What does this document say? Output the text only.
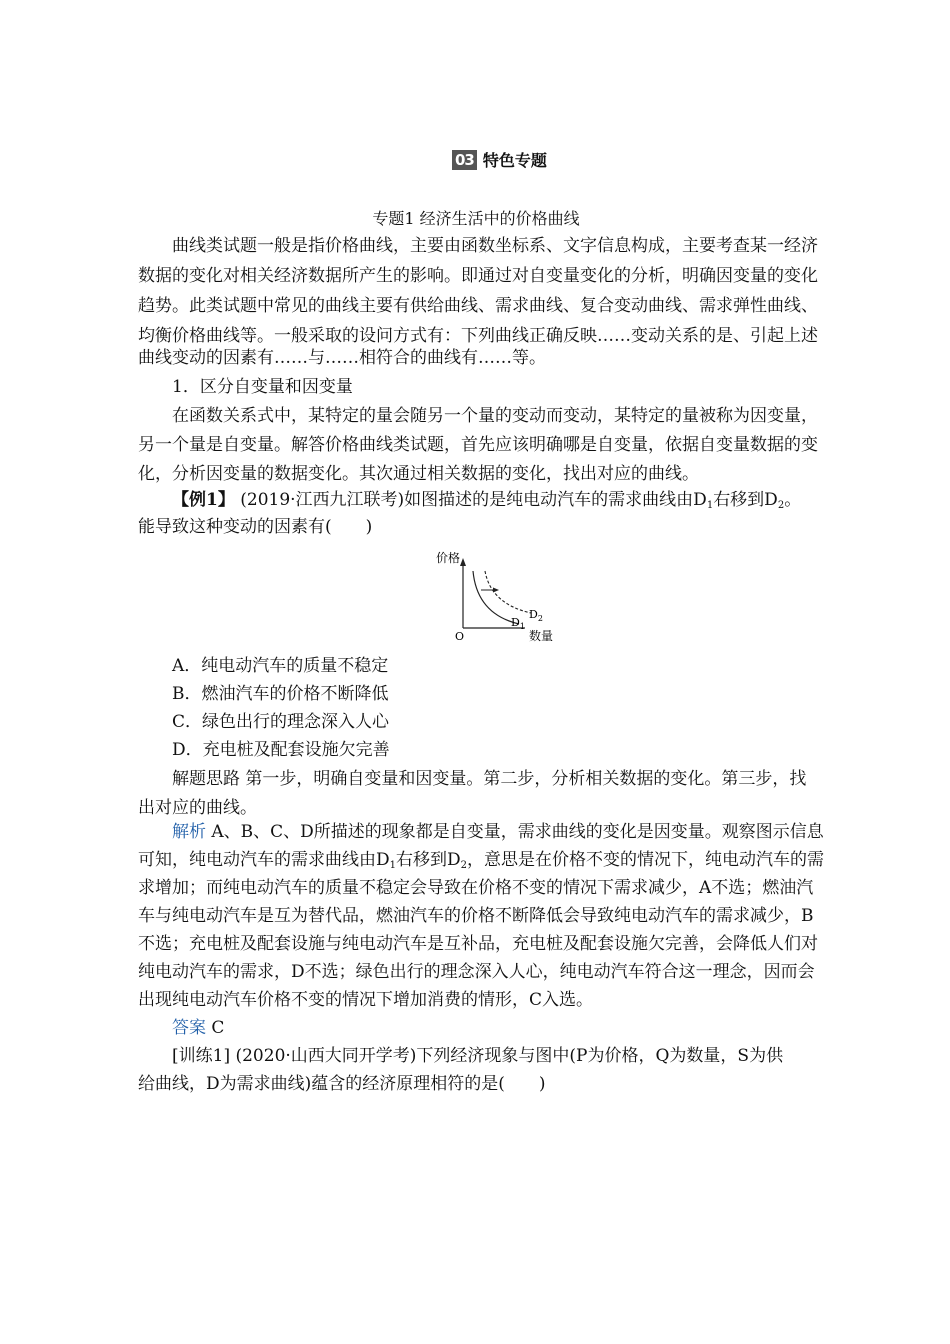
03 特色专题
专题1 经济生活中的价格曲线
曲线类试题一般是指价格曲线，主要由函数坐标系、文字信息构成，主要考查某一经济
数据的变化对相关经济数据所产生的影响。即通过对自变量变化的分析，明确因变量的变化
趋势。此类试题中常见的曲线主要有供给曲线、需求曲线、复合变动曲线、需求弹性曲线、
均衡价格曲线等。一般采取的设问方式有：下列曲线正确反映……变动关系的是、引起上述
曲线变动的因素有……与……相符合的曲线有……等。
1．区分自变量和因变量
在函数关系式中，某特定的量会随另一个量的变动而变动，某特定的量被称为因变量，
另一个量是自变量。解答价格曲线类试题，首先应该明确哪是自变量，依据自变量数据的变
化，分析因变量的数据变化。其次通过相关数据的变化，找出对应的曲线。
【例1】 (2019·江西九江联考)如图描述的是纯电动汽车的需求曲线由$D_1$右移到$D_2$。
能导致这种变动的因素有(　　)
A．纯电动汽车的质量不稳定
B．燃油汽车的价格不断降低
C．绿色出行的理念深入人心
D．充电桩及配套设施欠完善
解题思路 第一步，明确自变量和因变量。第二步，分析相关数据的变化。第三步，找
出对应的曲线。
解析 A、B、C、D所描述的现象都是自变量，需求曲线的变化是因变量。观察图示信息
可知，纯电动汽车的需求曲线由$D_1$右移到$D_2$，意思是在价格不变的情况下，纯电动汽车的需
求增加；而纯电动汽车的质量不稳定会导致在价格不变的情况下需求减少，A不选；燃油汽
车与纯电动汽车是互为替代品，燃油汽车的价格不断降低会导致纯电动汽车的需求减少，B
不选；充电桩及配套设施与纯电动汽车是互补品，充电桩及配套设施欠完善，会降低人们对
纯电动汽车的需求，D不选；绿色出行的理念深入人心，纯电动汽车符合这一理念，因而会
出现纯电动汽车价格不变的情况下增加消费的情形，C入选。
答案 C
[训练1] (2020·山西大同开学考)下列经济现象与图中(P为价格，Q为数量，S为供
给曲线，D为需求曲线)蕴含的经济原理相符的是(　　)
价格
O	数量
$D_1$
$D_2$
